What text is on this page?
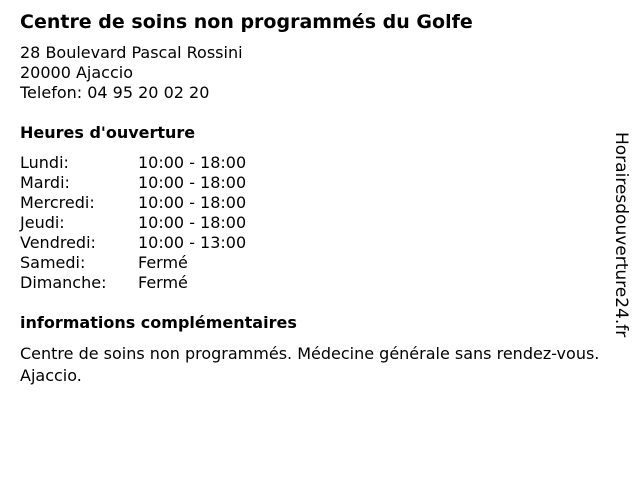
Centre de soins non programmés du Golfe
28 Boulevard Pascal Rossini
20000 Ajaccio
Telefon: 04 95 20 02 20
Heures d'ouverture
Lundi:	10:00 - 18:00
Mardi:	10:00 - 18:00
Mercredi:	10:00 - 18:00
Jeudi:	10:00 - 18:00
Vendredi:	10:00 - 13:00
Samedi:	Fermé
Dimanche:	Fermé
informations complémentaires
Centre de soins non programmés. Médecine générale sans rendez-vous. Ajaccio.
Horairesdouverture24.fr
